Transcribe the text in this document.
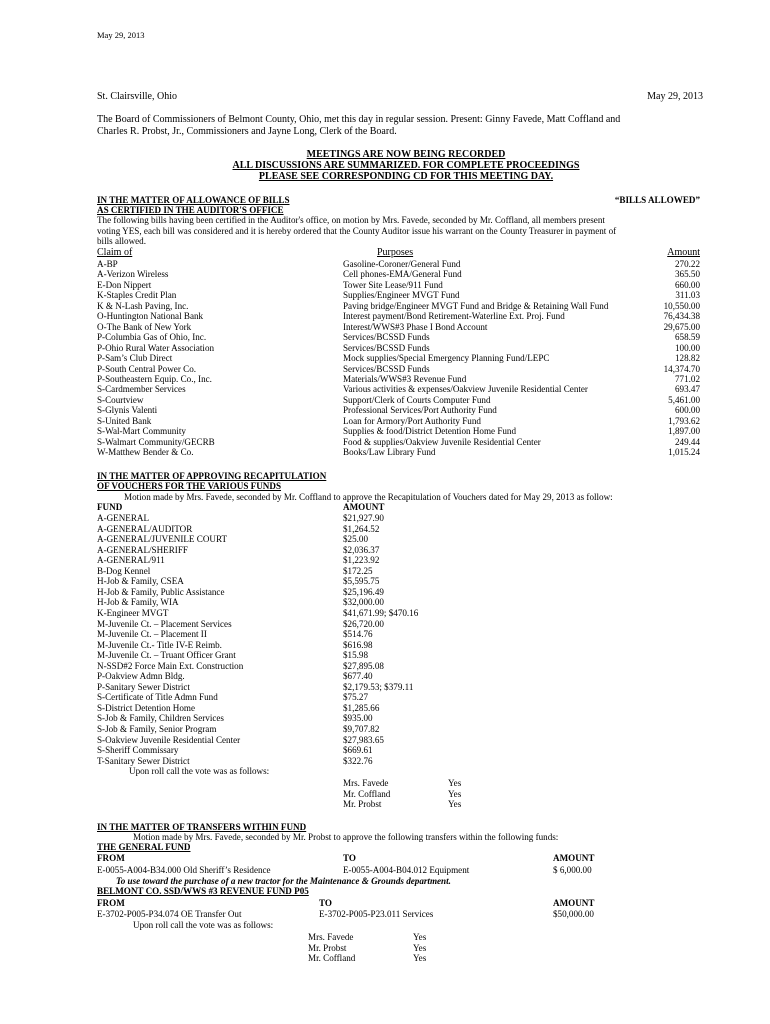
May 29, 2013
St. Clairsville, Ohio	May 29, 2013
The Board of Commissioners of Belmont County, Ohio, met this day in regular session. Present: Ginny Favede, Matt Coffland and
Charles R. Probst, Jr., Commissioners and Jayne Long, Clerk of the Board.
MEETINGS ARE NOW BEING RECORDED
ALL DISCUSSIONS ARE SUMMARIZED. FOR COMPLETE PROCEEDINGS
PLEASE SEE CORRESPONDING CD FOR THIS MEETING DAY.
IN THE MATTER OF ALLOWANCE OF BILLS	“BILLS ALLOWED”
AS CERTIFIED IN THE AUDITOR'S OFFICE
The following bills having been certified in the Auditor's office, on motion by Mrs. Favede, seconded by Mr. Coffland, all members present
voting YES, each bill was considered and it is hereby ordered that the County Auditor issue his warrant on the County Treasurer in payment of
bills allowed.
Claim of	Purposes	Amount
A-BP	Gasoline-Coroner/General Fund	270.22
A-Verizon Wireless	Cell phones-EMA/General Fund	365.50
E-Don Nippert	Tower Site Lease/911 Fund	660.00
K-Staples Credit Plan	Supplies/Engineer MVGT Fund	311.03
K & N-Lash Paving, Inc.	Paving bridge/Engineer MVGT Fund and Bridge & Retaining Wall Fund	10,550.00
O-Huntington National Bank	Interest payment/Bond Retirement-Waterline Ext. Proj. Fund	76,434.38
O-The Bank of New York	Interest/WWS#3 Phase I Bond Account	29,675.00
P-Columbia Gas of Ohio, Inc.	Services/BCSSD Funds	658.59
P-Ohio Rural Water Association	Services/BCSSD Funds	100.00
P-Sam’s Club Direct	Mock supplies/Special Emergency Planning Fund/LEPC	128.82
P-South Central Power Co.	Services/BCSSD Funds	14,374.70
P-Southeastern Equip. Co., Inc.	Materials/WWS#3 Revenue Fund	771.02
S-Cardmember Services	Various activities & expenses/Oakview Juvenile Residential Center	693.47
S-Courtview	Support/Clerk of Courts Computer Fund	5,461.00
S-Glynis Valenti	Professional Services/Port Authority Fund	600.00
S-United Bank	Loan for Armory/Port Authority Fund	1,793.62
S-Wal-Mart Community	Supplies & food/District Detention Home Fund	1,897.00
S-Walmart Community/GECRB	Food & supplies/Oakview Juvenile Residential Center	249.44
W-Matthew Bender & Co.	Books/Law Library Fund	1,015.24
IN THE MATTER OF APPROVING RECAPITULATION
OF VOUCHERS FOR THE VARIOUS FUNDS
Motion made by Mrs. Favede, seconded by Mr. Coffland to approve the Recapitulation of Vouchers dated for May 29, 2013 as follow:
FUND	AMOUNT
A-GENERAL	$21,927.90
A-GENERAL/AUDITOR	$1,264.52
A-GENERAL/JUVENILE COURT	$25.00
A-GENERAL/SHERIFF	$2,036.37
A-GENERAL/911	$1,223.92
B-Dog Kennel	$172.25
H-Job & Family, CSEA	$5,595.75
H-Job & Family, Public Assistance	$25,196.49
H-Job & Family, WIA	$32,000.00
K-Engineer MVGT	$41,671.99; $470.16
M-Juvenile Ct. – Placement Services	$26,720.00
M-Juvenile Ct. – Placement II	$514.76
M-Juvenile Ct.- Title IV-E Reimb.	$616.98
M-Juvenile Ct. – Truant Officer Grant	$15.98
N-SSD#2 Force Main Ext. Construction	$27,895.08
P-Oakview Admn Bldg.	$677.40
P-Sanitary Sewer District	$2,179.53; $379.11
S-Certificate of Title Admn Fund	$75.27
S-District Detention Home	$1,285.66
S-Job & Family, Children Services	$935.00
S-Job & Family, Senior Program	$9,707.82
S-Oakview Juvenile Residential Center	$27,983.65
S-Sheriff Commissary	$669.61
T-Sanitary Sewer District	$322.76
Upon roll call the vote was as follows:
Mrs. Favede	Yes
Mr. Coffland	Yes
Mr. Probst	Yes
IN THE MATTER OF TRANSFERS WITHIN FUND
Motion made by Mrs. Favede, seconded by Mr. Probst to approve the following transfers within the following funds:
THE GENERAL FUND
FROM	TO	AMOUNT
E-0055-A004-B34.000 Old Sheriff’s Residence	E-0055-A004-B04.012 Equipment	$ 6,000.00
To use toward the purchase of a new tractor for the Maintenance & Grounds department.
BELMONT CO. SSD/WWS #3 REVENUE FUND P05
FROM	TO	AMOUNT
E-3702-P005-P34.074 OE Transfer Out	E-3702-P005-P23.011 Services	$50,000.00
Upon roll call the vote was as follows:
Mrs. Favede	Yes
Mr. Probst	Yes
Mr. Coffland	Yes
